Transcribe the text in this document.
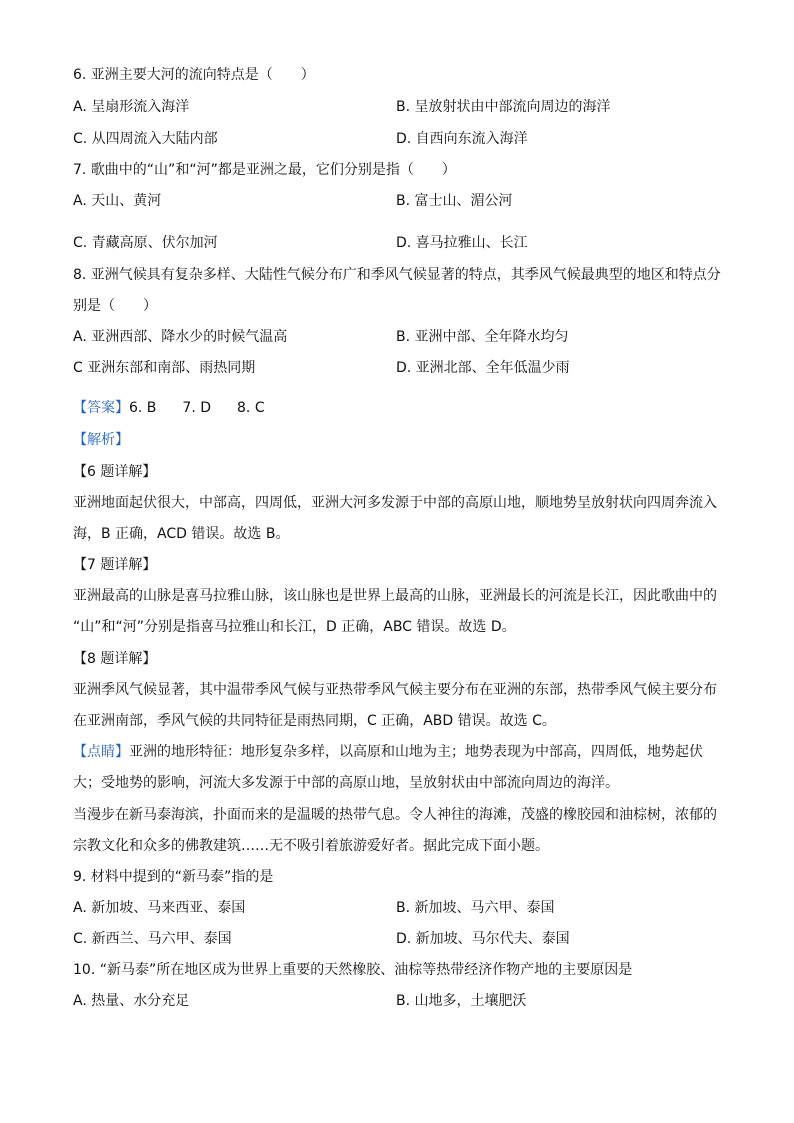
6. 亚洲主要大河的流向特点是（　　）
A. 呈扇形流入海洋	B. 呈放射状由中部流向周边的海洋
C. 从四周流入大陆内部	D. 自西向东流入海洋
7. 歌曲中的“山”和“河”都是亚洲之最，它们分别是指（　　）
A. 天山、黄河	B. 富士山、湄公河
C. 青藏高原、伏尔加河	D. 喜马拉雅山、长江
8. 亚洲气候具有复杂多样、大陆性气候分布广和季风气候显著的特点，其季风气候最典型的地区和特点分
别是（　　）
A. 亚洲西部、降水少的时候气温高	B. 亚洲中部、全年降水均匀
C 亚洲东部和南部、雨热同期	D. 亚洲北部、全年低温少雨
【答案】6. B 7. D 8. C
【解析】
【6 题详解】
亚洲地面起伏很大，中部高，四周低，亚洲大河多发源于中部的高原山地，顺地势呈放射状向四周奔流入
海，B 正确，ACD 错误。故选 B。
【7 题详解】
亚洲最高的山脉是喜马拉雅山脉，该山脉也是世界上最高的山脉，亚洲最长的河流是长江，因此歌曲中的
“山”和“河”分别是指喜马拉雅山和长江，D 正确，ABC 错误。故选 D。
【8 题详解】
亚洲季风气候显著，其中温带季风气候与亚热带季风气候主要分布在亚洲的东部，热带季风气候主要分布
在亚洲南部，季风气候的共同特征是雨热同期，C 正确，ABD 错误。故选 C。
【点睛】亚洲的地形特征：地形复杂多样，以高原和山地为主；地势表现为中部高，四周低，地势起伏
大；受地势的影响，河流大多发源于中部的高原山地，呈放射状由中部流向周边的海洋。
当漫步在新马泰海滨，扑面而来的是温暖的热带气息。令人神往的海滩，茂盛的橡胶园和油棕树，浓郁的
宗教文化和众多的佛教建筑……无不吸引着旅游爱好者。据此完成下面小题。
9. 材料中提到的“新马泰”指的是
A. 新加坡、马来西亚、泰国	B. 新加坡、马六甲、泰国
C. 新西兰、马六甲、泰国	D. 新加坡、马尔代夫、泰国
10. “新马泰”所在地区成为世界上重要的天然橡胶、油棕等热带经济作物产地的主要原因是
A. 热量、水分充足	B. 山地多，土壤肥沃
